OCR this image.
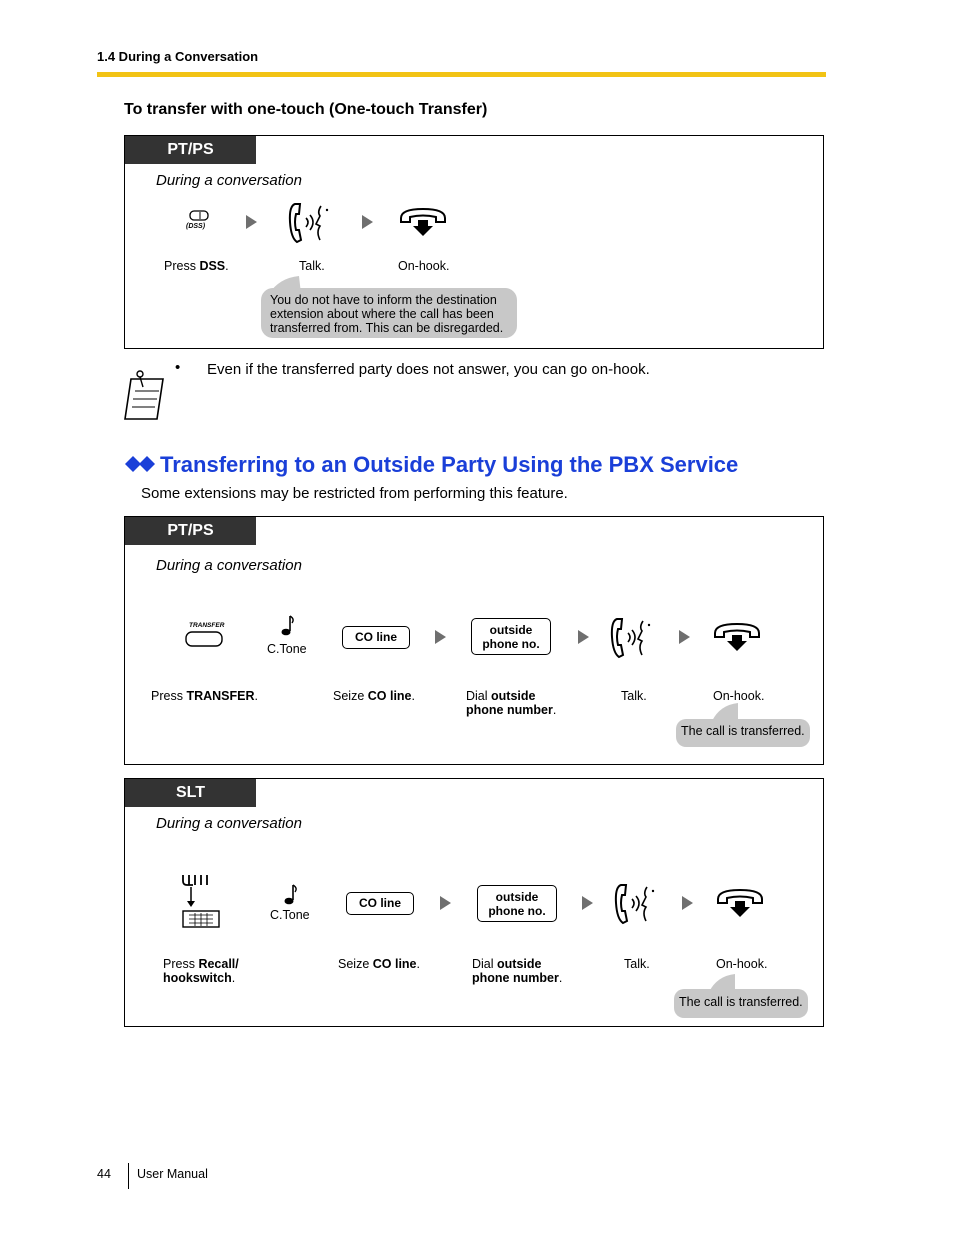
1.4 During a Conversation
To transfer with one-touch (One-touch Transfer)
PT/PS
During a conversation
(DSS)
Press DSS.	Talk.	On-hook.
You do not have to inform the destination extension about where the call has been transferred from. This can be disregarded.
• Even if the transferred party does not answer, you can go on-hook.
Transferring to an Outside Party Using the PBX Service
Some extensions may be restricted from performing this feature.
PT/PS
During a conversation
TRANSFER
C.Tone
CO line	outside
phone no.
Press TRANSFER.	Seize CO line.	Dial outside
phone number.
Talk.	On-hook.
The call is transferred.
SLT
During a conversation
C.Tone
CO line	outside
phone no.
Press Recall/
hookswitch.
Seize CO line.	Dial outside
phone number.
Talk.	On-hook.
The call is transferred.
44 User Manual
